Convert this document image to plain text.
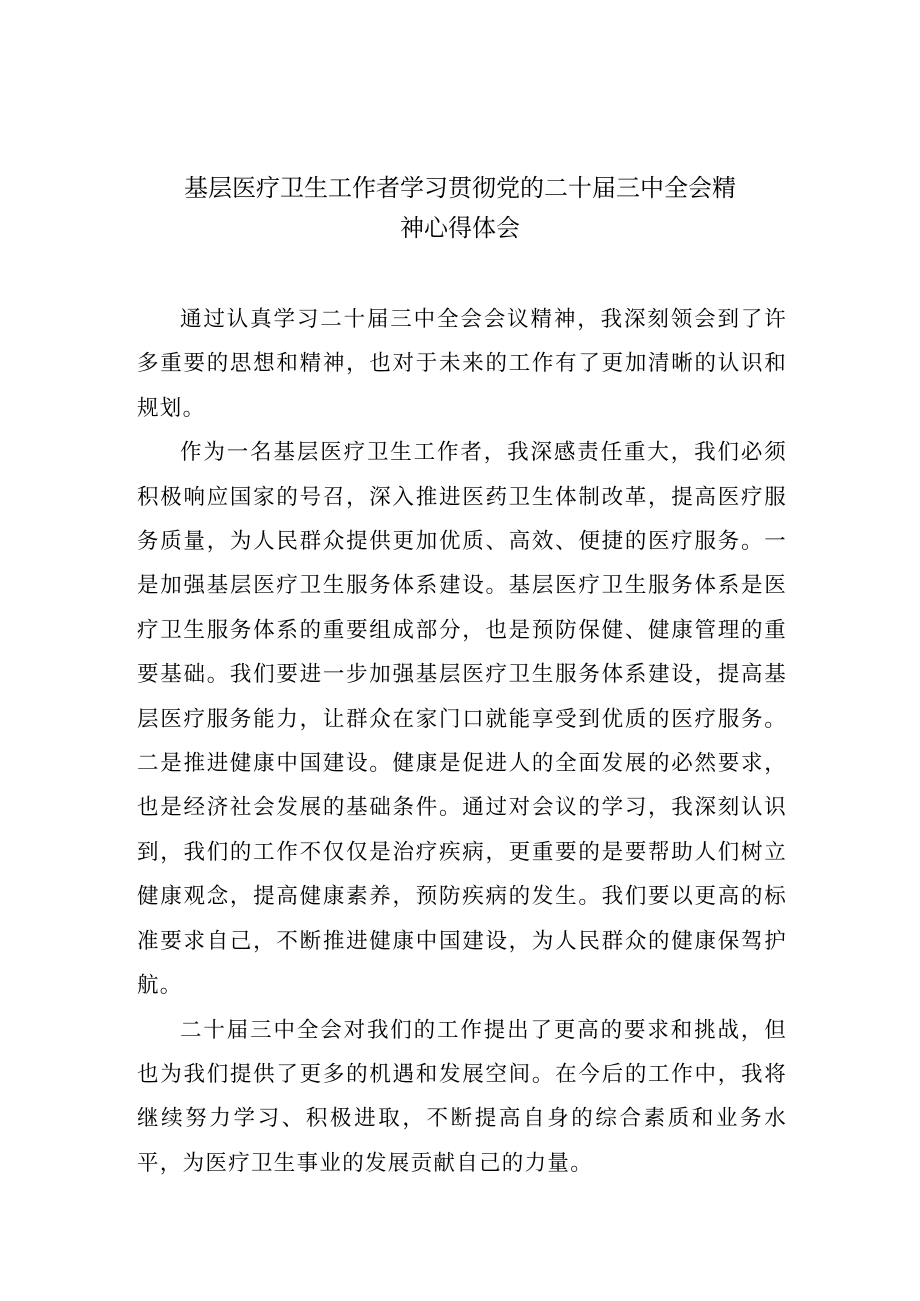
基层医疗卫生工作者学习贯彻党的二十届三中全会精
神心得体会

通过认真学习二十届三中全会会议精神，我深刻领会到了许多重要的思想和精神，也对于未来的工作有了更加清晰的认识和规划。

作为一名基层医疗卫生工作者，我深感责任重大，我们必须积极响应国家的号召，深入推进医药卫生体制改革，提高医疗服务质量，为人民群众提供更加优质、高效、便捷的医疗服务。一是加强基层医疗卫生服务体系建设。基层医疗卫生服务体系是医疗卫生服务体系的重要组成部分，也是预防保健、健康管理的重要基础。我们要进一步加强基层医疗卫生服务体系建设，提高基层医疗服务能力，让群众在家门口就能享受到优质的医疗服务。二是推进健康中国建设。健康是促进人的全面发展的必然要求，也是经济社会发展的基础条件。通过对会议的学习，我深刻认识到，我们的工作不仅仅是治疗疾病，更重要的是要帮助人们树立健康观念，提高健康素养，预防疾病的发生。我们要以更高的标准要求自己，不断推进健康中国建设，为人民群众的健康保驾护航。

二十届三中全会对我们的工作提出了更高的要求和挑战，但也为我们提供了更多的机遇和发展空间。在今后的工作中，我将继续努力学习、积极进取，不断提高自身的综合素质和业务水平，为医疗卫生事业的发展贡献自己的力量。
